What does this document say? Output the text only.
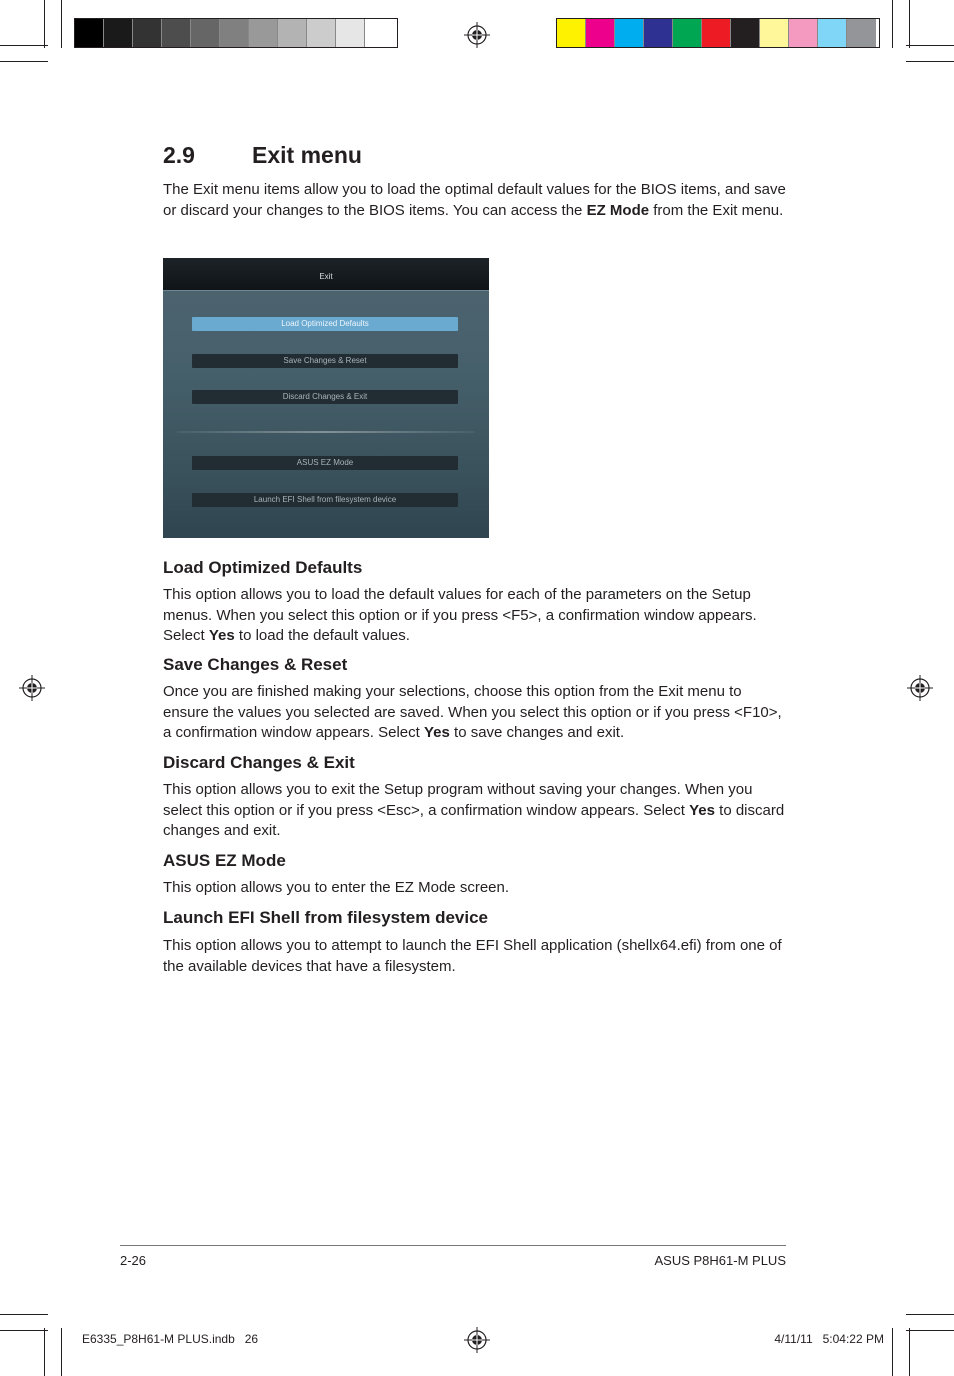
2.9 Exit menu

The Exit menu items allow you to load the optimal default values for the BIOS items, and save or discard your changes to the BIOS items. You can access the EZ Mode from the Exit menu.

Exit
Load Optimized Defaults
Save Changes & Reset
Discard Changes & Exit
ASUS EZ Mode
Launch EFI Shell from filesystem device
Load Optimized Defaults

This option allows you to load the default values for each of the parameters on the Setup menus. When you select this option or if you press <F5>, a confirmation window appears. Select Yes to load the default values.

Save Changes & Reset

Once you are finished making your selections, choose this option from the Exit menu to ensure the values you selected are saved. When you select this option or if you press <F10>, a confirmation window appears. Select Yes to save changes and exit.

Discard Changes & Exit

This option allows you to exit the Setup program without saving your changes. When you select this option or if you press <Esc>, a confirmation window appears. Select Yes to discard changes and exit.

ASUS EZ Mode

This option allows you to enter the EZ Mode screen.

Launch EFI Shell from filesystem device

This option allows you to attempt to launch the EFI Shell application (shellx64.efi) from one of the available devices that have a filesystem.

2-26	ASUS P8H61-M PLUS
E6335_P8H61-M PLUS.indb   26	4/11/11   5:04:22 PM
